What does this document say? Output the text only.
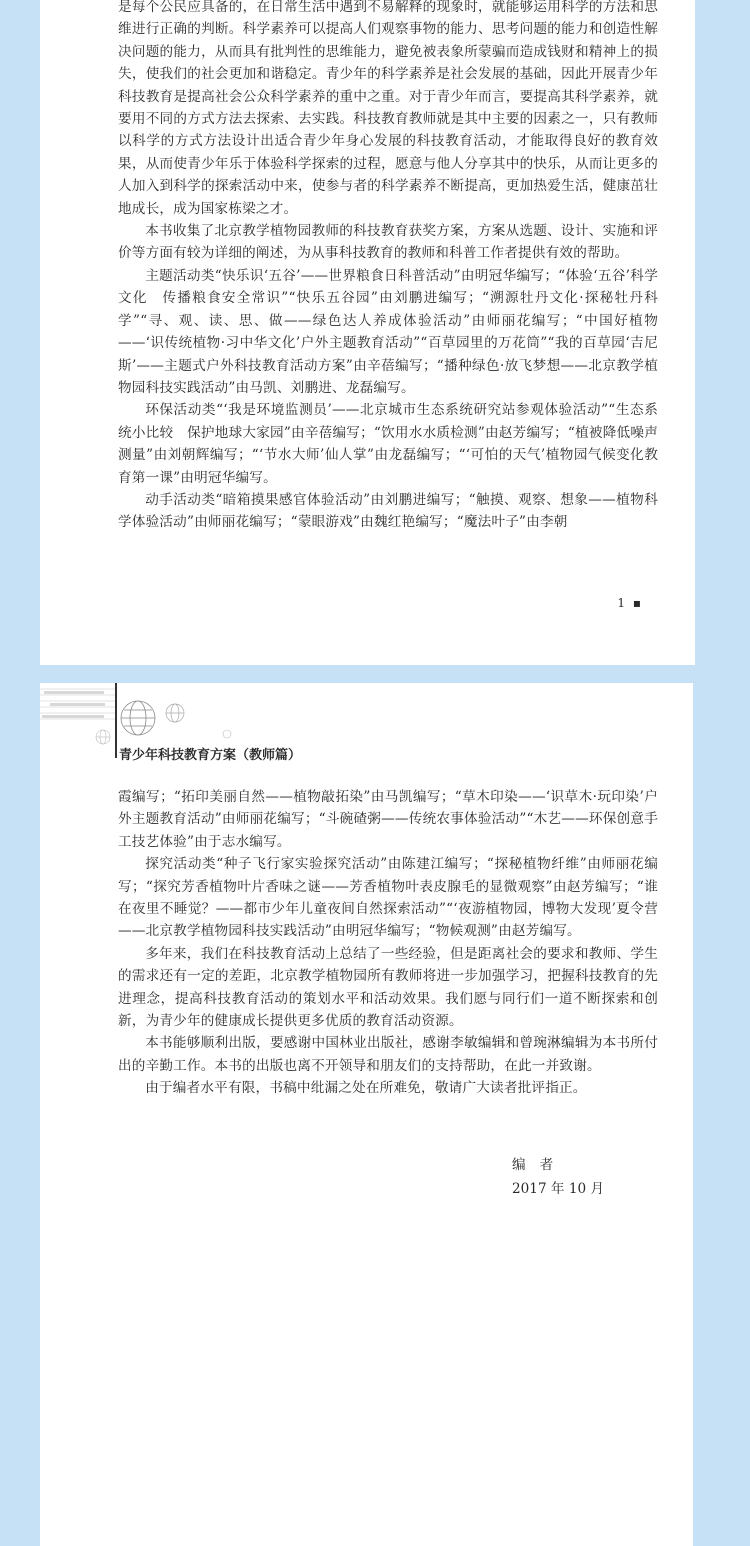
是每个公民应具备的，在日常生活中遇到不易解释的现象时，就能够运用科学的方法和思维进行正确的判断。科学素养可以提高人们观察事物的能力、思考问题的能力和创造性解决问题的能力，从而具有批判性的思维能力，避免被表象所蒙骗而造成钱财和精神上的损失，使我们的社会更加和谐稳定。青少年的科学素养是社会发展的基础，因此开展青少年科技教育是提高社会公众科学素养的重中之重。对于青少年而言，要提高其科学素养，就要用不同的方式方法去探索、去实践。科技教育教师就是其中主要的因素之一，只有教师以科学的方式方法设计出适合青少年身心发展的科技教育活动，才能取得良好的教育效果，从而使青少年乐于体验科学探索的过程，愿意与他人分享其中的快乐，从而让更多的人加入到科学的探索活动中来，使参与者的科学素养不断提高，更加热爱生活，健康茁壮地成长，成为国家栋梁之才。

本书收集了北京教学植物园教师的科技教育获奖方案，方案从选题、设计、实施和评价等方面有较为详细的阐述，为从事科技教育的教师和科普工作者提供有效的帮助。

主题活动类“快乐识‘五谷’——世界粮食日科普活动”由明冠华编写；“体验‘五谷’科学文化　传播粮食安全常识”“快乐五谷园”由刘鹏进编写；“溯源牡丹文化·探秘牡丹科学”“寻、观、读、思、做——绿色达人养成体验活动”由师丽花编写；“中国好植物——‘识传统植物·习中华文化’户外主题教育活动”“百草园里的万花筒”“我的百草园‘吉尼斯’——主题式户外科技教育活动方案”由辛蓓编写；“播种绿色·放飞梦想——北京教学植物园科技实践活动”由马凯、刘鹏进、龙磊编写。

环保活动类“‘我是环境监测员’——北京城市生态系统研究站参观体验活动”“生态系统小比较　保护地球大家园”由辛蓓编写；“饮用水水质检测”由赵芳编写；“植被降低噪声测量”由刘朝辉编写；“‘节水大师’仙人掌”由龙磊编写；“‘可怕的天气’植物园气候变化教育第一课”由明冠华编写。

动手活动类“暗箱摸果感官体验活动”由刘鹏进编写；“触摸、观察、想象——植物科学体验活动”由师丽花编写；“蒙眼游戏”由魏红艳编写；“魔法叶子”由李朝

1 ▪
青少年科技教育方案（教师篇）

霞编写；“拓印美丽自然——植物敲拓染”由马凯编写；“草木印染——‘识草木·玩印染’户外主题教育活动”由师丽花编写；“斗碗碴粥——传统农事体验活动”“木艺——环保创意手工技艺体验”由于志水编写。

探究活动类“种子飞行家实验探究活动”由陈建江编写；“探秘植物纤维”由师丽花编写；“探究芳香植物叶片香味之谜——芳香植物叶表皮腺毛的显微观察”由赵芳编写；“谁在夜里不睡觉？——都市少年儿童夜间自然探索活动”“‘夜游植物园，博物大发现’夏令营——北京教学植物园科技实践活动”由明冠华编写；“物候观测”由赵芳编写。

多年来，我们在科技教育活动上总结了一些经验，但是距离社会的要求和教师、学生的需求还有一定的差距，北京教学植物园所有教师将进一步加强学习，把握科技教育的先进理念，提高科技教育活动的策划水平和活动效果。我们愿与同行们一道不断探索和创新，为青少年的健康成长提供更多优质的教育活动资源。

本书能够顺利出版，要感谢中国林业出版社，感谢李敏编辑和曾琬淋编辑为本书所付出的辛勤工作。本书的出版也离不开领导和朋友们的支持帮助，在此一并致谢。

由于编者水平有限，书稿中纰漏之处在所难免，敬请广大读者批评指正。

编者
2017 年 10 月
